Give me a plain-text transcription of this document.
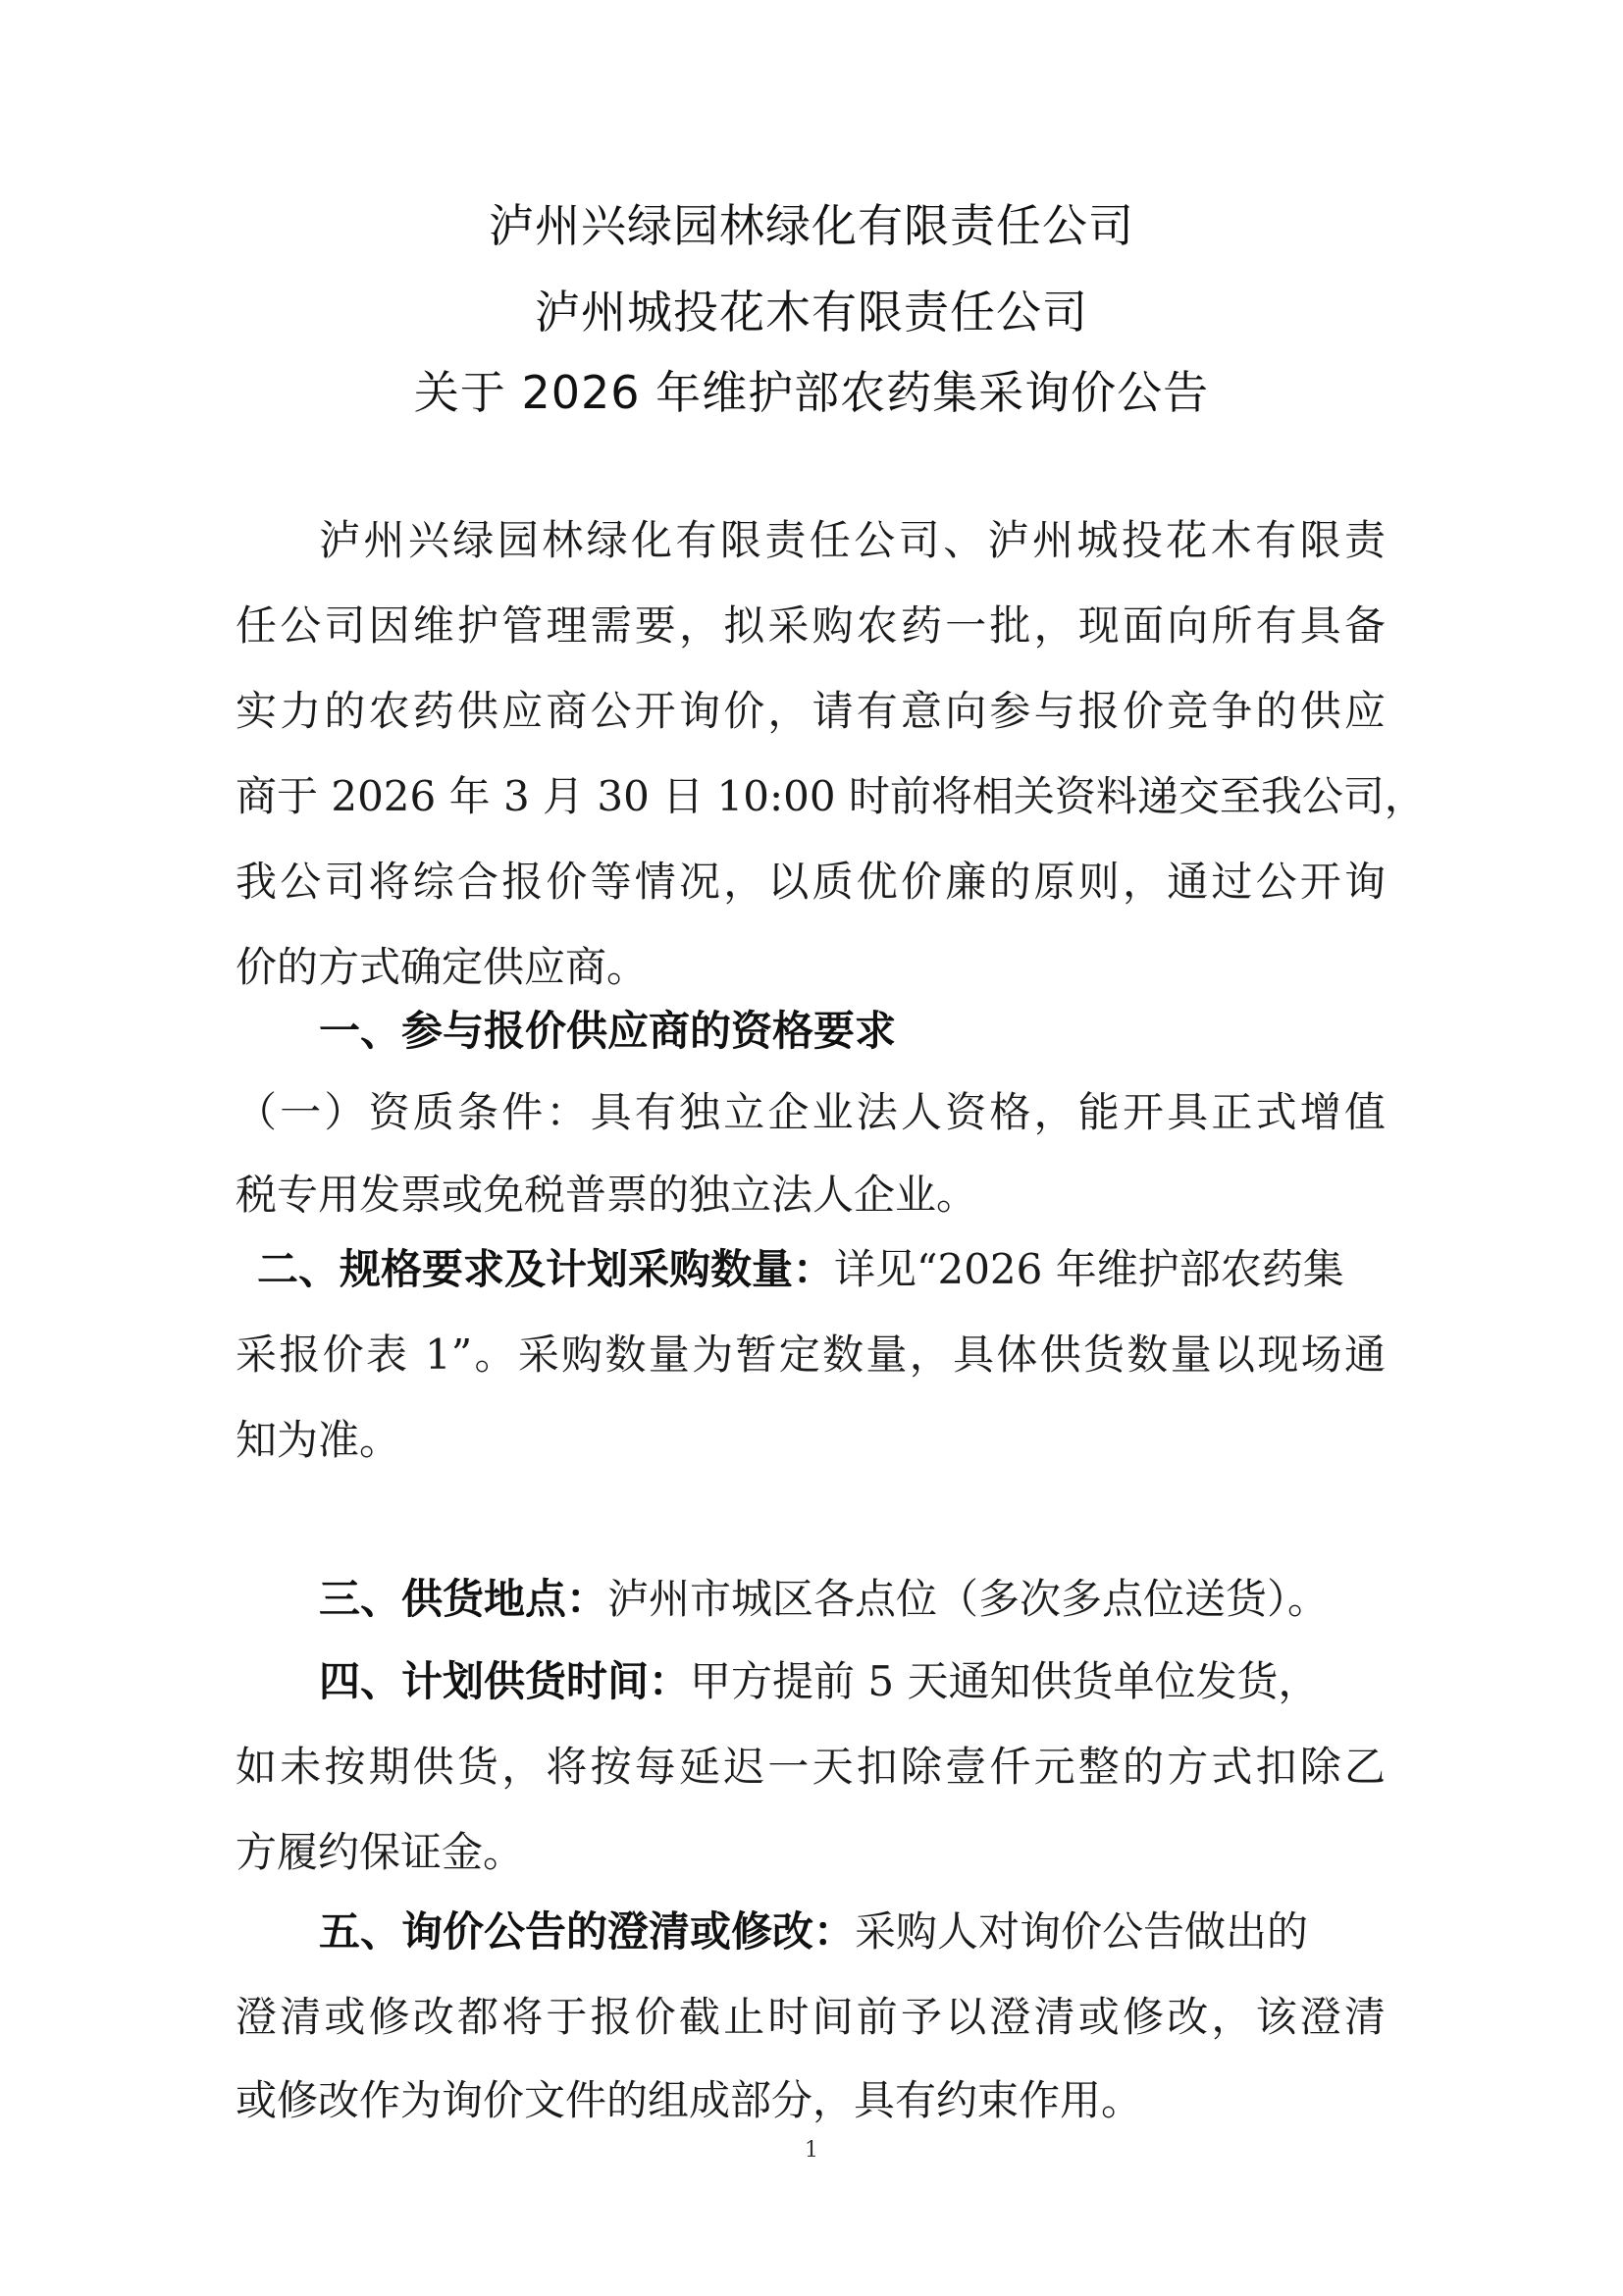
泸州兴绿园林绿化有限责任公司
泸州城投花木有限责任公司
关于 2026 年维护部农药集采询价公告
泸州兴绿园林绿化有限责任公司、泸州城投花木有限责
任公司因维护管理需要，拟采购农药一批，现面向所有具备
实力的农药供应商公开询价，请有意向参与报价竞争的供应
商于 2026 年 3 月 30 日 10:00 时前将相关资料递交至我公司，
我公司将综合报价等情况，以质优价廉的原则，通过公开询
价的方式确定供应商。
一、参与报价供应商的资格要求
（一）资质条件：具有独立企业法人资格，能开具正式增值
税专用发票或免税普票的独立法人企业。
二、规格要求及计划采购数量：详见“2026 年维护部农药集
采报价表 1”。采购数量为暂定数量，具体供货数量以现场通
知为准。
三、供货地点：泸州市城区各点位（多次多点位送货）。
四、计划供货时间：甲方提前 5 天通知供货单位发货，
如未按期供货，将按每延迟一天扣除壹仟元整的方式扣除乙
方履约保证金。
五、询价公告的澄清或修改：采购人对询价公告做出的
澄清或修改都将于报价截止时间前予以澄清或修改，该澄清
或修改作为询价文件的组成部分，具有约束作用。
1
